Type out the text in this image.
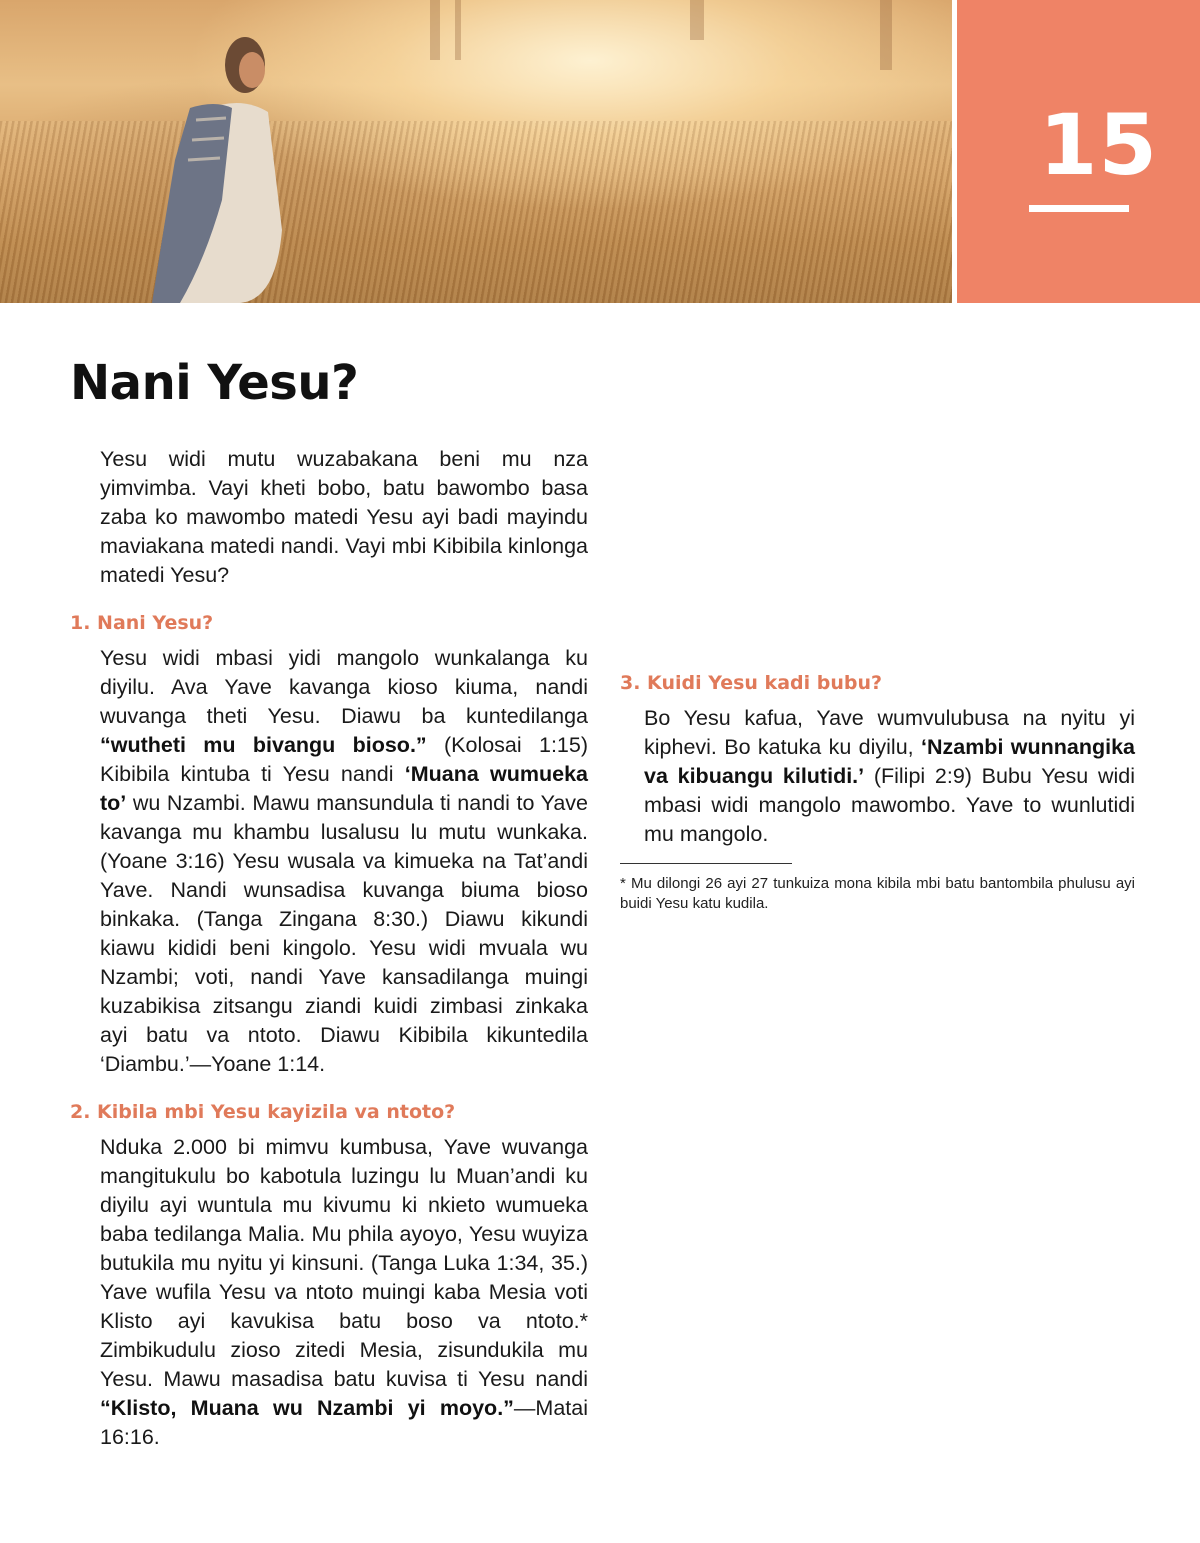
15
Nani Yesu?

Yesu widi mutu wuzabakana beni mu nza yimvimba. Vayi kheti bobo, batu bawombo basa zaba ko mawombo matedi Yesu ayi badi mayindu maviakana matedi nandi. Vayi mbi Kibibila kinlonga matedi Yesu?

1. Nani Yesu?

Yesu widi mbasi yidi mangolo wunkalanga ku diyilu. Ava Yave kavanga kioso kiuma, nandi wuvanga theti Yesu. Diawu ba kuntedilanga “wutheti mu bivangu bioso.” (Kolosai 1:15) Kibibila kintuba ti Yesu nandi ‘Muana wumueka to’ wu Nzambi. Mawu mansundula ti nandi to Yave kavanga mu khambu lusalusu lu mutu wunkaka. (Yoane 3:16) Yesu wusala va kimueka na Tat’andi Yave. Nandi wunsadisa kuvanga biuma bioso binkaka. (Tanga Zingana 8:30.) Diawu kikundi kiawu kididi beni kingolo. Yesu widi mvuala wu Nzambi; voti, nandi Yave kansadilanga muingi kuzabikisa zitsangu ziandi kuidi zimbasi zinkaka ayi batu va ntoto. Diawu Kibibila kikuntedila ‘Diambu.’—Yoane 1:14.

2. Kibila mbi Yesu kayizila va ntoto?

Nduka 2.000 bi mimvu kumbusa, Yave wuvanga mangitukulu bo kabotula luzingu lu Muan’andi ku diyilu ayi wuntula mu kivumu ki nkieto wumueka baba tedilanga Malia. Mu phila ayoyo, Yesu wuyiza butukila mu nyitu yi kinsuni. (Tanga Luka 1:34, 35.) Yave wufila Yesu va ntoto muingi kaba Mesia voti Klisto ayi kavukisa batu boso va ntoto.* Zimbikudulu zioso zitedi Mesia, zisundukila mu Yesu. Mawu masadisa batu kuvisa ti Yesu nandi “Klisto, Muana wu Nzambi yi moyo.”—Matai 16:16.

3. Kuidi Yesu kadi bubu?

Bo Yesu kafua, Yave wumvulubusa na nyitu yi kiphevi. Bo katuka ku diyilu, ‘Nzambi wunnangika va kibuangu kilutidi.’ (Filipi 2:9) Bubu Yesu widi mbasi widi mangolo mawombo. Yave to wunlutidi mu mangolo.

* Mu dilongi 26 ayi 27 tunkuiza mona kibila mbi batu bantombila phulusu ayi buidi Yesu katu kudila.
